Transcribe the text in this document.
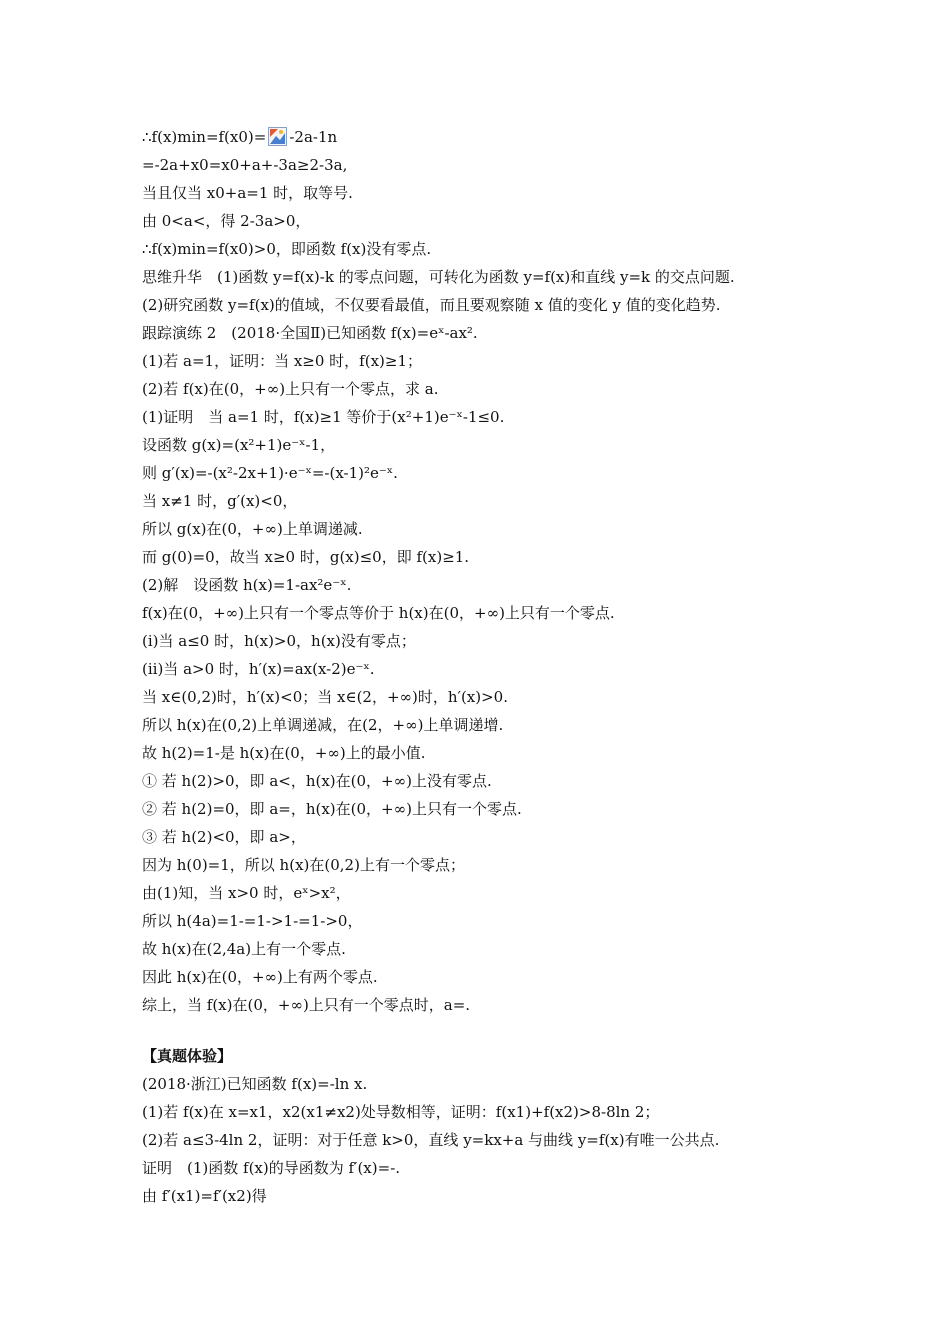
∴f(x)min=f(x0)= -2a-1n
=-2a+x0=x0+a+-3a≥2-3a,
当且仅当 x0+a=1 时，取等号.
由 0<a<，得 2-3a>0，
∴f(x)min=f(x0)>0，即函数 f(x)没有零点.
思维升华　(1)函数 y=f(x)-k 的零点问题，可转化为函数 y=f(x)和直线 y=k 的交点问题.
(2)研究函数 y=f(x)的值域，不仅要看最值，而且要观察随 x 值的变化 y 值的变化趋势.
跟踪演练 2　(2018·全国Ⅱ)已知函数 f(x)=eˣ-ax².
(1)若 a=1，证明：当 x≥0 时，f(x)≥1；
(2)若 f(x)在(0，+∞)上只有一个零点，求 a.
(1)证明　当 a=1 时，f(x)≥1 等价于(x²+1)e⁻ˣ-1≤0.
设函数 g(x)=(x²+1)e⁻ˣ-1，
则 g′(x)=-(x²-2x+1)·e⁻ˣ=-(x-1)²e⁻ˣ.
当 x≠1 时，g′(x)<0，
所以 g(x)在(0，+∞)上单调递减.
而 g(0)=0，故当 x≥0 时，g(x)≤0，即 f(x)≥1.
(2)解　设函数 h(x)=1-ax²e⁻ˣ.
f(x)在(0，+∞)上只有一个零点等价于 h(x)在(0，+∞)上只有一个零点.
(ⅰ)当 a≤0 时，h(x)>0，h(x)没有零点；
(ⅱ)当 a>0 时，h′(x)=ax(x-2)e⁻ˣ.
当 x∈(0,2)时，h′(x)<0；当 x∈(2，+∞)时，h′(x)>0.
所以 h(x)在(0,2)上单调递减，在(2，+∞)上单调递增.
故 h(2)=1-是 h(x)在(0，+∞)上的最小值.
① 若 h(2)>0，即 a<，h(x)在(0，+∞)上没有零点.
② 若 h(2)=0，即 a=，h(x)在(0，+∞)上只有一个零点.
③ 若 h(2)<0，即 a>，
因为 h(0)=1，所以 h(x)在(0,2)上有一个零点；
由(1)知，当 x>0 时，eˣ>x²，
所以 h(4a)=1-=1->1-=1->0，
故 h(x)在(2,4a)上有一个零点.
因此 h(x)在(0，+∞)上有两个零点.
综上，当 f(x)在(0，+∞)上只有一个零点时，a=.
【真题体验】
(2018·浙江)已知函数 f(x)=-ln x.
(1)若 f(x)在 x=x1，x2(x1≠x2)处导数相等，证明：f(x1)+f(x2)>8-8ln 2；
(2)若 a≤3-4ln 2，证明：对于任意 k>0，直线 y=kx+a 与曲线 y=f(x)有唯一公共点.
证明　(1)函数 f(x)的导函数为 f′(x)=-.
由 f′(x1)=f′(x2)得
